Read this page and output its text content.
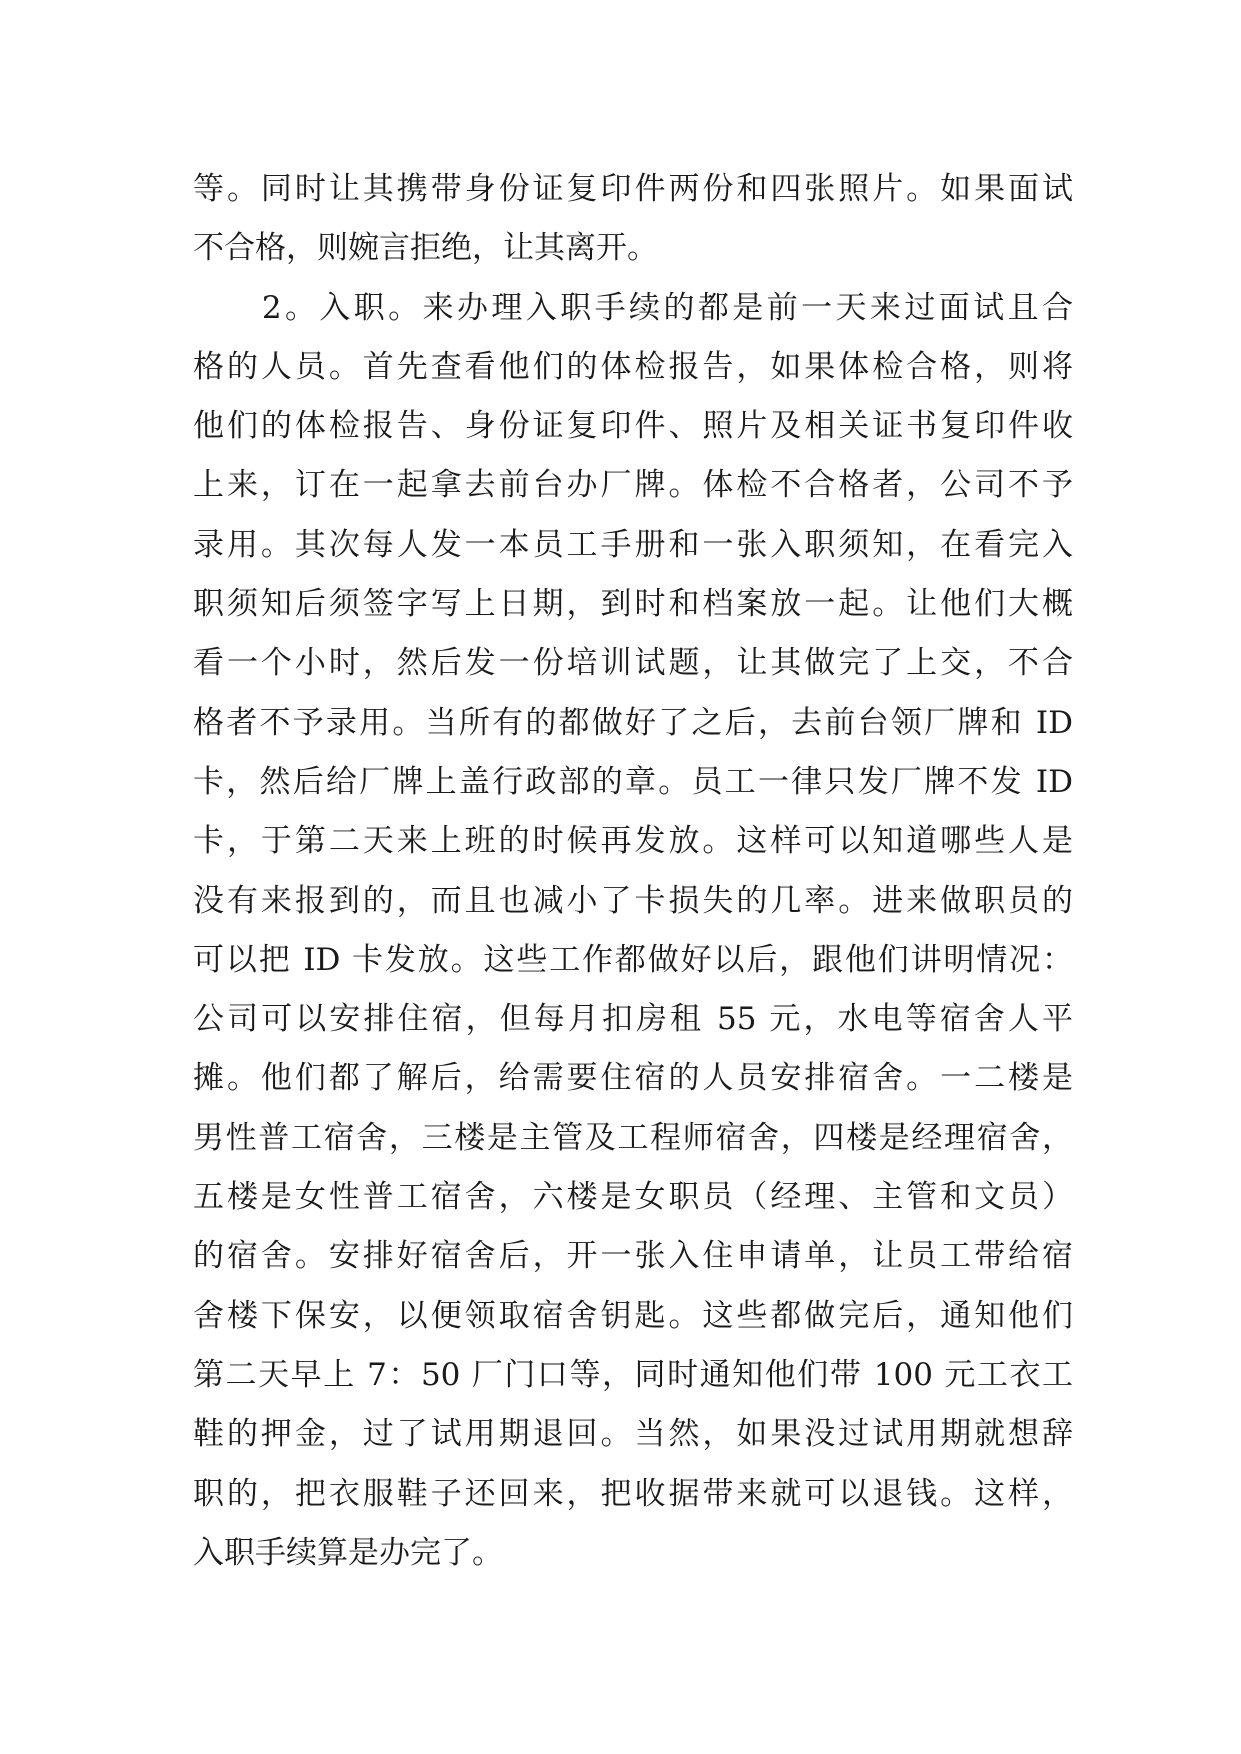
等。同时让其携带身份证复印件两份和四张照片。如果面试
不合格，则婉言拒绝，让其离开。
　　2。入职。来办理入职手续的都是前一天来过面试且合
格的人员。首先查看他们的体检报告，如果体检合格，则将
他们的体检报告、身份证复印件、照片及相关证书复印件收
上来，订在一起拿去前台办厂牌。体检不合格者，公司不予
录用。其次每人发一本员工手册和一张入职须知，在看完入
职须知后须签字写上日期，到时和档案放一起。让他们大概
看一个小时，然后发一份培训试题，让其做完了上交，不合
格者不予录用。当所有的都做好了之后，去前台领厂牌和 ID
卡，然后给厂牌上盖行政部的章。员工一律只发厂牌不发 ID
卡，于第二天来上班的时候再发放。这样可以知道哪些人是
没有来报到的，而且也减小了卡损失的几率。进来做职员的
可以把 ID 卡发放。这些工作都做好以后，跟他们讲明情况：
公司可以安排住宿，但每月扣房租 55 元，水电等宿舍人平
摊。他们都了解后，给需要住宿的人员安排宿舍。一二楼是
男性普工宿舍，三楼是主管及工程师宿舍，四楼是经理宿舍，
五楼是女性普工宿舍，六楼是女职员（经理、主管和文员）
的宿舍。安排好宿舍后，开一张入住申请单，让员工带给宿
舍楼下保安，以便领取宿舍钥匙。这些都做完后，通知他们
第二天早上 7：50 厂门口等，同时通知他们带 100 元工衣工
鞋的押金，过了试用期退回。当然，如果没过试用期就想辞
职的，把衣服鞋子还回来，把收据带来就可以退钱。这样，
入职手续算是办完了。
